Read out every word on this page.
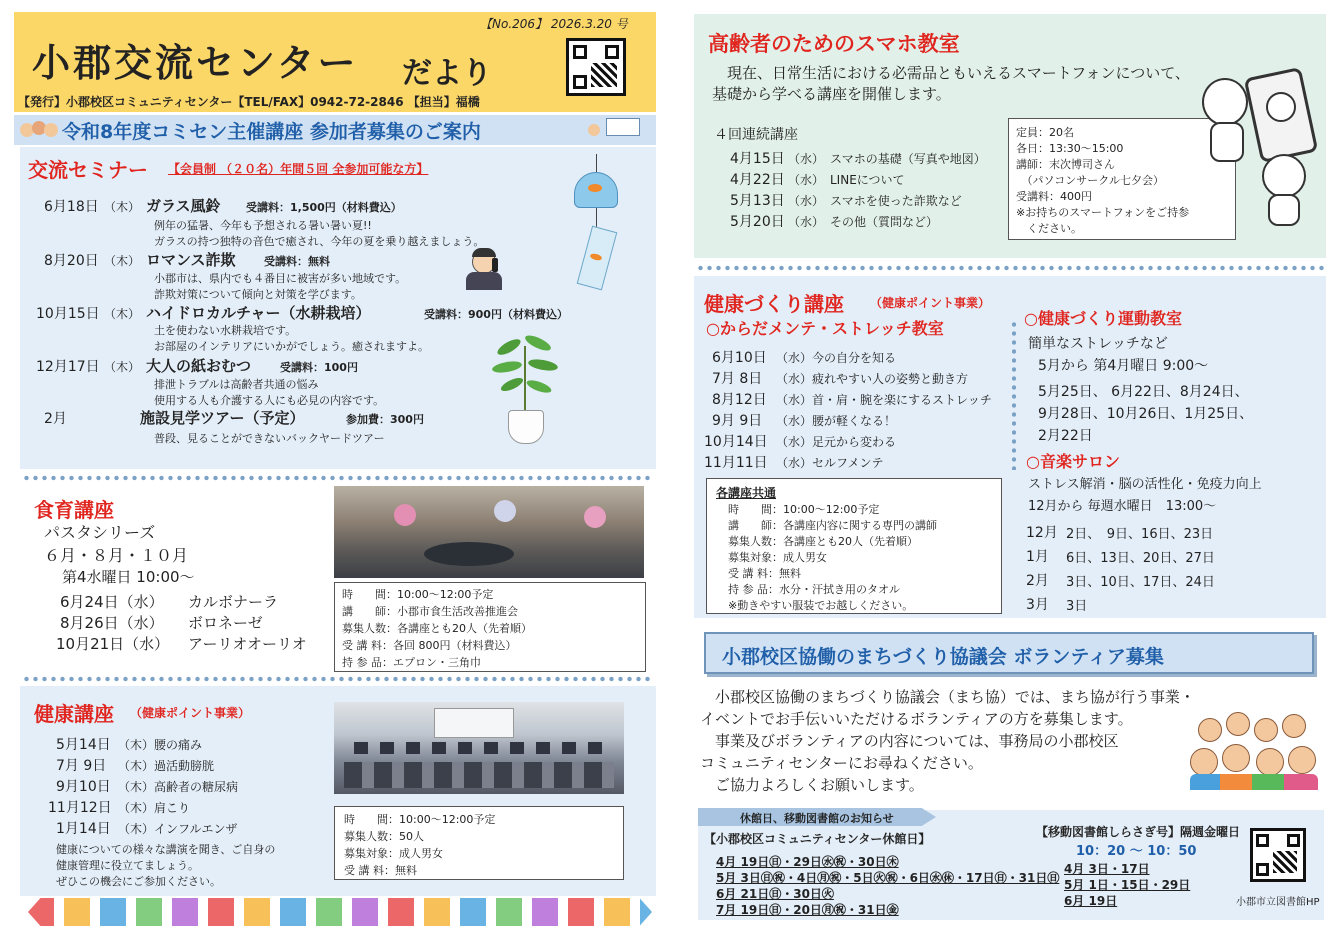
【No.206】 2026.3.20 号
小郡交流センター だより
【発行】小郡校区コミュニティセンター【TEL/FAX】0942-72-2846 【担当】福橋
令和8年度コミセン主催講座 参加者募集のご案内
交流セミナー 【会員制 （２０名）年間５回 全参加可能な方】
6月18日 （木） ガラス風鈴 受講料：1,500円（材料費込）
例年の猛暑、今年も予想される暑い暑い夏!!
ガラスの持つ独特の音色で癒され、今年の夏を乗り越えましょう。
8月20日 （木） ロマンス詐欺	受講料：無料
小郡市は、県内でも４番目に被害が多い地域です。
詐欺対策について傾向と対策を学びます。
10月15日 （木） ハイドロカルチャー（水耕栽培）	受講料：900円（材料費込）
土を使わない水耕栽培です。
お部屋のインテリアにいかがでしょう。癒されますよ。
12月17日 （木） 大人の紙おむつ	受講料：100円
排泄トラブルは高齢者共通の悩み
使用する人も介護する人にも必見の内容です。
2月	施設見学ツアー（予定）	参加費：300円
普段、見ることができないバックヤードツアー
食育講座
パスタシリーズ
６月・８月・１０月
第4水曜日 10:00～
6月24日（水） カルボナーラ
8月26日（水） ボロネーゼ
10月21日（水） アーリオオーリオ
時　　間：10:00～12:00予定
講　　師：小郡市食生活改善推進会
募集人数：各講座とも20人（先着順）
受 講 料：各回 800円（材料費込）
持 参 品：エプロン・三角巾
健康講座 （健康ポイント事業）
5月14日 （木） 腰の痛み
7月 9日 （木） 過活動膀胱
9月10日 （木） 高齢者の糖尿病
11月12日 （木） 肩こり
1月14日 （木） インフルエンザ
健康についての様々な講演を聞き、ご自身の
健康管理に役立てましょう。
ぜひこの機会にご参加ください。
時　　間：10:00～12:00予定
募集人数：50人
募集対象：成人男女
受 講 料：無料
高齢者のためのスマホ教室
　現在、日常生活における必需品ともいえるスマートフォンについて、
基礎から学べる講座を開催します。
４回連続講座
4月15日 （水） スマホの基礎（写真や地図）
4月22日 （水） LINEについて
5月13日 （水） スマホを使った詐欺など
5月20日 （水） その他（質問など）
定員：20名
各日：13:30～15:00
講師：末次博司さん
　（パソコンサークル七夕会）
受講料：400円
※お持ちのスマートフォンをご持参
　ください。
健康づくり講座 （健康ポイント事業）
○からだメンテ・ストレッチ教室
6月10日 （水） 今の自分を知る
7月 8日 （水） 疲れやすい人の姿勢と動き方
8月12日 （水） 首・肩・腕を楽にするストレッチ
9月 9日 （水） 腰が軽くなる！
10月14日 （水） 足元から変わる
11月11日 （水） セルフメンテ
各講座共通
時　　間：10:00～12:00予定
講　　師：各講座内容に関する専門の講師
募集人数：各講座とも20人（先着順）
募集対象：成人男女
受 講 料：無料
持 参 品：水分・汗拭き用のタオル
※動きやすい服装でお越しください。
○健康づくり運動教室
簡単なストレッチなど
5月から 第4月曜日 9:00～
5月25日、 6月22日、8月24日、
9月28日、10月26日、1月25日、
2月22日
○音楽サロン
ストレス解消・脳の活性化・免疫力向上
12月から 毎週水曜日　13:00～
12月 2日、　9日、16日、23日
1月 6日、13日、20日、27日
2月 3日、10日、17日、24日
3月 3日
小郡校区協働のまちづくり協議会 ボランティア募集
　小郡校区協働のまちづくり協議会（まち協）では、まち協が行う事業・
イベントでお手伝いいただけるボランティアの方を募集します。
　事業及びボランティアの内容については、事務局の小郡校区
コミュニティセンターにお尋ねください。
　ご協力よろしくお願いします。
休館日、移動図書館のお知らせ
【小郡校区コミュニティセンター休館日】
4月 19日㊐・29日㊌㊗・30日㊍
5月 3日㊐㊗・4日㊊㊗・5日㊋㊗・6日㊌㊡・17日㊐・31日㊐
6月 21日㊐・30日㊋
7月 19日㊐・20日㊊㊗・31日㊎
【移動図書館しらさぎ号】隔週金曜日
10：20 ～ 10：50
4月 3日・17日
5月 1日・15日・29日
6月 19日	小郡市立図書館HP
